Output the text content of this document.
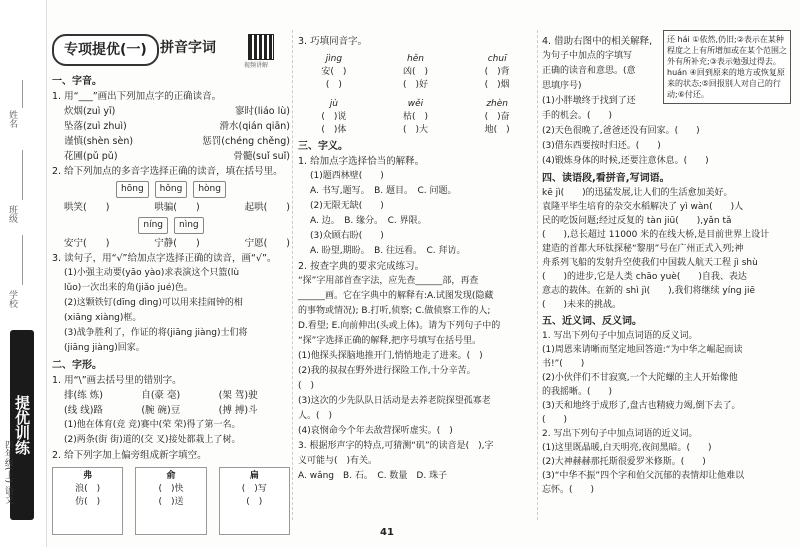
姓名
班级
学校
提优训练
四年级(上) 语文
专项提优(一) 拼音字词
视频讲解
一、字音。
1. 用“___”画出下列加点字的正确读音。
炊烟(zuì yī)	寥时(liáo lù)
坠落(zuì zhuì)	滑水(qián qiān)
谨慎(shèn sèn)	惩罚(chéng chěng)
花圃(pǔ pǔ)	骨髓(suǐ suǐ)
2. 给下列加点的多音字选择正确的读音，填在括号里。
hōng	hǒng	hòng
哄笑(　　)	哄骗(　　)	起哄(　　)
níng	nìng
安宁(　　)	宁静(　　)	宁愿(　　)
3. 读句子，用“√”给加点字选择正确的读音，画“√”。
(1)小强主动要(yāo yào)求表演这个只篮(lù
lǔo)一次出来的角(jiǎo jué)色。
(2)这颗铁钉(dīng dìng)可以用来挂闹钟的相
(xiāng xiàng)框。
(3)战争胜利了，作证的将(jiāng jiàng)士们将
(jiāng jiàng)回家。
二、字形。
1. 用“\”画去括号里的错别字。
排(练 炼)	自(豪 毫)	(架 驾)驶
(线 线)路	(腕 碗)豆	(搏 搏)斗
(1)他在体育(竞 竞)赛中(荣 荣)得了第一名。
(2)两条(街 街)道的(交 叉)接处都栽上了树。
2. 给下列字加上偏旁组成新字填空。
弗
浪(　)
仿(　)
俞
(　)快
(　)送
扁
(　)写
(　)
3. 巧填同音字。
jìng
安(　)
(　)
hěn
凶(　)
(　)好
chuī
(　)背
(　)烟
jù
(　)说
(　)体
wěi
枯(　)
(　)大
zhèn
(　)奋
地(　)
三、字义。
1. 给加点字选择恰当的解释。
(1)题西林壁(　　)
A. 书写,题写。　B. 题目。　C. 问题。
(2)无限无缺(　　)
A. 边。　B. 缘分。　C. 界限。
(3)众顾右盼(　　)
A. 盼望,期盼。　B. 往远看。　C. 拜访。
2. 按查字典的要求完成练习。
“探”字用部首查字法，应先查______部，再查
______画。它在字典中的解释有:A.试图发现(隐藏
的事物或情况); B.打听,侦察; C.做侦察工作的人;
D.看望; E.向前伸出(头或上体)。请为下列句子中的
“探”字选择正确的解释,把序号填写在括号里。
(1)他探头探脑地推开门,悄悄地走了进来。(　)
(2)我的叔叔在野外进行探险工作,十分辛苦。
(　)
(3)这次的少先队队日活动是去养老院探望孤寡老
人。(　)
(4)哀悯命今个年去敌营探听虚实。(　)
3. 根据形声字的特点,可猜测“矶”的读音是(　),字
义可能与(　)有关。
A. wǎng　B. 石。　C. 数量　D. 珠子
4. 借助右图中的相关解释,
为句子中加点的字填写
正确的读音和意思。(意
思填序号)
(1)小胖墩终于找到了还
手的机会。(　　)
(2)天色很晚了,爸爸还没有回家。(　　)
(3)借东西要按时归还。(　　)
(4)锻炼身体的时候,还要注意休息。(　　)
四、读语段,看拼音,写词语。
kē jì(　　)的迅猛发展,让人们的生活愈加美好。
袁隆平毕生培育的杂交水稻解决了 yì wàn(　　)人
民的吃饭问题;经过反复的 tàn jiū(　　),yǎn tǎ
(　　),总长超过 11000 米的在线大桥,是目前世界上设计
建造的首都大环钛探秘“黎朋”号在广州正式入列;神
舟系列飞船的发射升空使我们中国载人航天工程 jì shù
(　　)的进步,它是人类 chāo yuè(　　)自我、表达
意志的载体。在新的 shì jì(　　),我们将继续 yíng jiē
(　　)未来的挑战。
五、近义词、反义词。
1. 写出下列句子中加点词语的反义词。
(1)周恩来请晰而坚定地回答道:“为中华之崛起而读
书!”(　　)
(2)小伙伴们不甘寂寞,一个大陀螺的主人开始像他
的我摇晰。(　　)
(3)天和地终于成形了,盘古也精疲力竭,倒下去了。
(　　)
2. 写出下列句子中加点词语的近义词。
(1)这里既晶暖,白天明亮,夜间黑暗。(　　)
(2)大神赫赫那托斯很爱罗米修斯。(　　)
(3)“中华不振”四个字和伯父沉郁的表情却让他难以
忘怀。(　　)
还 hái ①依然,仍旧;②表示在某种程度之上有所增加或在某个范围之外有所补充;③表示勉强过得去。huán ④回到原来的地方或恢复原来的状态;⑤回报别人对自己的行动;⑥付还。
41
